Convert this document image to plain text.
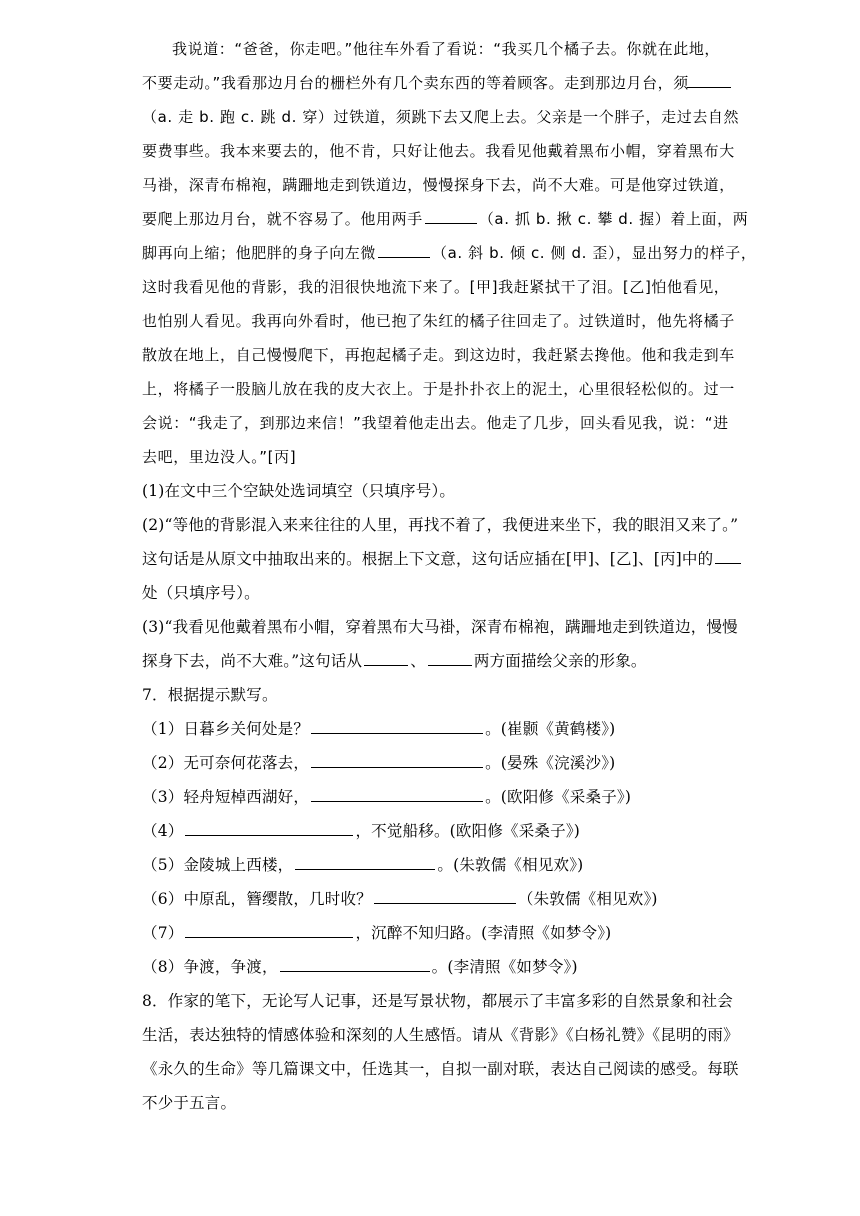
我说道：“爸爸，你走吧。”他往车外看了看说：“我买几个橘子去。你就在此地，
不要走动。”我看那边月台的栅栏外有几个卖东西的等着顾客。走到那边月台，须
（a. 走 b. 跑 c. 跳 d. 穿）过铁道，须跳下去又爬上去。父亲是一个胖子，走过去自然
要费事些。我本来要去的，他不肯，只好让他去。我看见他戴着黑布小帽，穿着黑布大
马褂，深青布棉袍，蹒跚地走到铁道边，慢慢探身下去，尚不大难。可是他穿过铁道，
要爬上那边月台，就不容易了。他用两手	（a. 抓 b. 揪 c. 攀 d. 握）着上面，两
脚再向上缩；他肥胖的身子向左微	（a. 斜 b. 倾 c. 侧 d. 歪），显出努力的样子，
这时我看见他的背影，我的泪很快地流下来了。[甲]我赶紧拭干了泪。[乙]怕他看见，
也怕别人看见。我再向外看时，他已抱了朱红的橘子往回走了。过铁道时，他先将橘子
散放在地上，自己慢慢爬下，再抱起橘子走。到这边时，我赶紧去搀他。他和我走到车
上，将橘子一股脑儿放在我的皮大衣上。于是扑扑衣上的泥土，心里很轻松似的。过一
会说：“我走了，到那边来信！”我望着他走出去。他走了几步，回头看见我，说：“进
去吧，里边没人。”[丙]
(1)在文中三个空缺处选词填空（只填序号）。
(2)“等他的背影混入来来往往的人里，再找不着了，我便进来坐下，我的眼泪又来了。”
这句话是从原文中抽取出来的。根据上下文意，这句话应插在[甲]、[乙]、[丙]中的
处（只填序号）。
(3)“我看见他戴着黑布小帽，穿着黑布大马褂，深青布棉袍，蹒跚地走到铁道边，慢慢
探身下去，尚不大难。”这句话从	、	两方面描绘父亲的形象。
7．根据提示默写。
（1）日暮乡关何处是？	。(崔颢《黄鹤楼》)
（2）无可奈何花落去，	。(晏殊《浣溪沙》)
（3）轻舟短棹西湖好，	。(欧阳修《采桑子》)
（4）	，不觉船移。(欧阳修《采桑子》)
（5）金陵城上西楼，	。(朱敦儒《相见欢》)
（6）中原乱，簪缨散，几时收？	（朱敦儒《相见欢》)
（7）	，沉醉不知归路。(李清照《如梦令》)
（8）争渡，争渡，	。(李清照《如梦令》)
8．作家的笔下，无论写人记事，还是写景状物，都展示了丰富多彩的自然景象和社会
生活，表达独特的情感体验和深刻的人生感悟。请从《背影》《白杨礼赞》《昆明的雨》
《永久的生命》等几篇课文中，任选其一，自拟一副对联，表达自己阅读的感受。每联
不少于五言。
